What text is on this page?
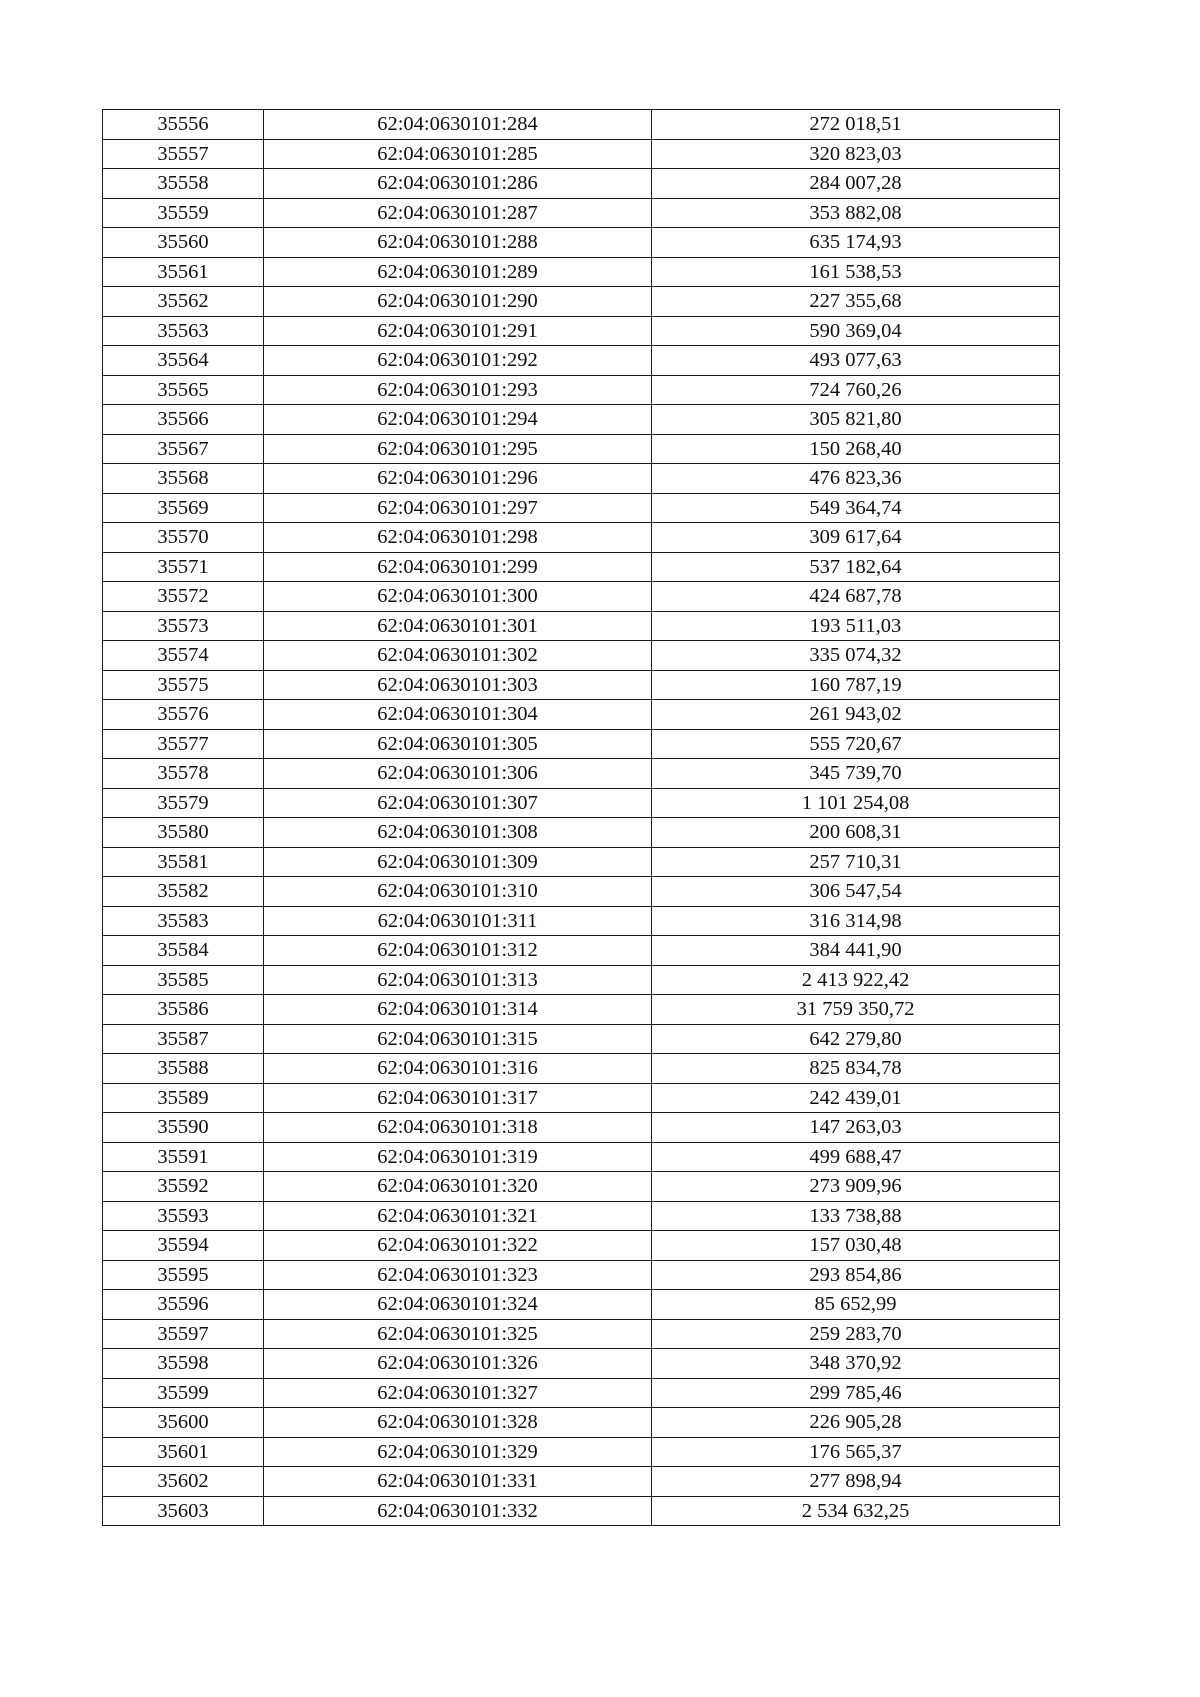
35556	62:04:0630101:284	272 018,51
35557	62:04:0630101:285	320 823,03
35558	62:04:0630101:286	284 007,28
35559	62:04:0630101:287	353 882,08
35560	62:04:0630101:288	635 174,93
35561	62:04:0630101:289	161 538,53
35562	62:04:0630101:290	227 355,68
35563	62:04:0630101:291	590 369,04
35564	62:04:0630101:292	493 077,63
35565	62:04:0630101:293	724 760,26
35566	62:04:0630101:294	305 821,80
35567	62:04:0630101:295	150 268,40
35568	62:04:0630101:296	476 823,36
35569	62:04:0630101:297	549 364,74
35570	62:04:0630101:298	309 617,64
35571	62:04:0630101:299	537 182,64
35572	62:04:0630101:300	424 687,78
35573	62:04:0630101:301	193 511,03
35574	62:04:0630101:302	335 074,32
35575	62:04:0630101:303	160 787,19
35576	62:04:0630101:304	261 943,02
35577	62:04:0630101:305	555 720,67
35578	62:04:0630101:306	345 739,70
35579	62:04:0630101:307	1 101 254,08
35580	62:04:0630101:308	200 608,31
35581	62:04:0630101:309	257 710,31
35582	62:04:0630101:310	306 547,54
35583	62:04:0630101:311	316 314,98
35584	62:04:0630101:312	384 441,90
35585	62:04:0630101:313	2 413 922,42
35586	62:04:0630101:314	31 759 350,72
35587	62:04:0630101:315	642 279,80
35588	62:04:0630101:316	825 834,78
35589	62:04:0630101:317	242 439,01
35590	62:04:0630101:318	147 263,03
35591	62:04:0630101:319	499 688,47
35592	62:04:0630101:320	273 909,96
35593	62:04:0630101:321	133 738,88
35594	62:04:0630101:322	157 030,48
35595	62:04:0630101:323	293 854,86
35596	62:04:0630101:324	85 652,99
35597	62:04:0630101:325	259 283,70
35598	62:04:0630101:326	348 370,92
35599	62:04:0630101:327	299 785,46
35600	62:04:0630101:328	226 905,28
35601	62:04:0630101:329	176 565,37
35602	62:04:0630101:331	277 898,94
35603	62:04:0630101:332	2 534 632,25
